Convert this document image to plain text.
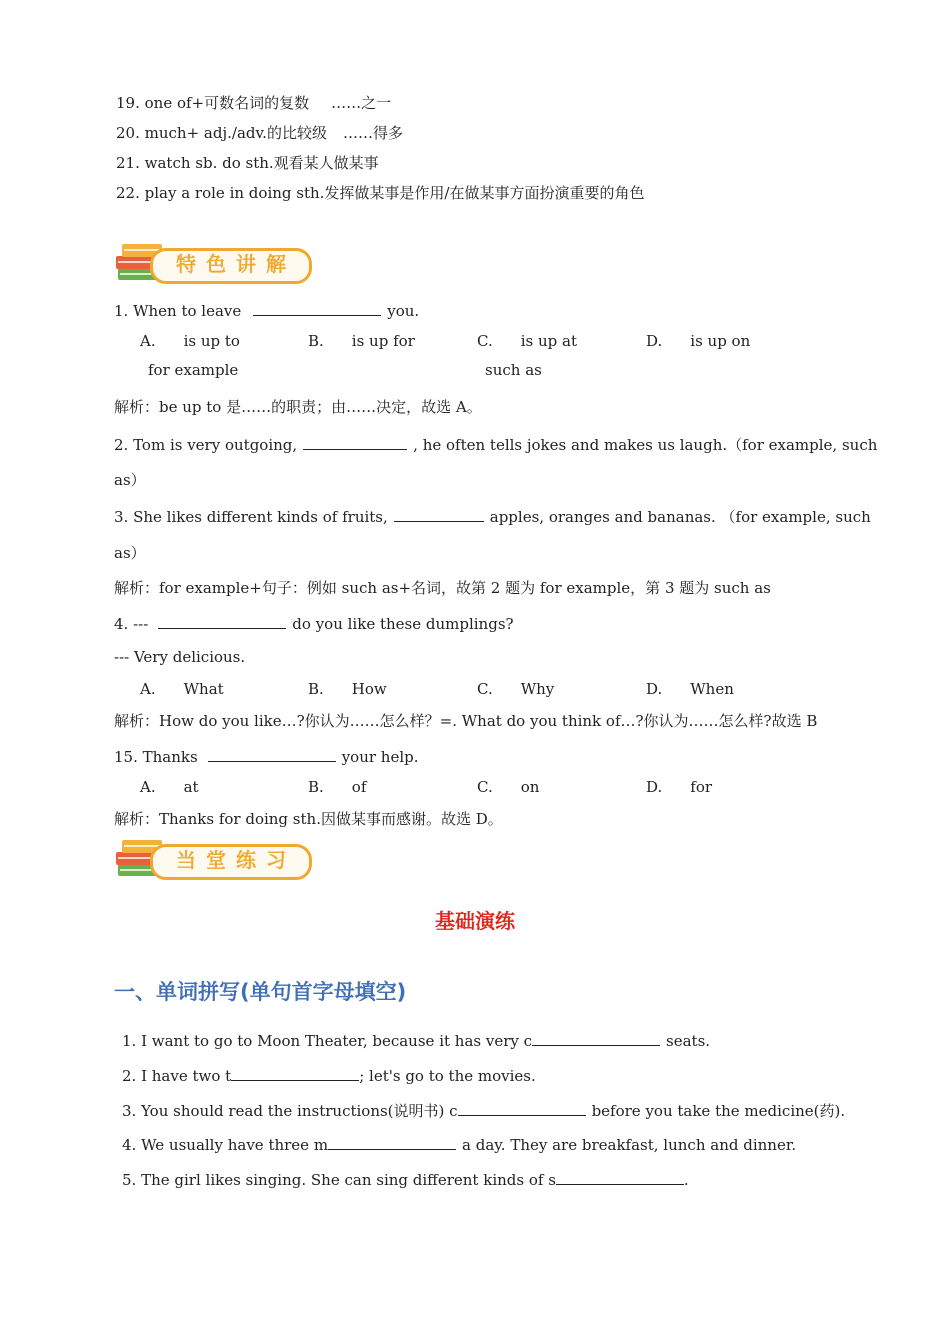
19. one of+可数名词的复数 ……之一
20. much+ adj./adv.的比较级 ……得多
21. watch sb. do sth.观看某人做某事
22. play a role in doing sth.发挥做某事是作用/在做某事方面扮演重要的角色
特色讲解
1. When to leave	you.
A. is up to	B. is up for	C. is up at	D. is up on
for example	such as
解析：be up to 是……的职责；由……决定，故选 A。
2. Tom is very outgoing,	, he often tells jokes and makes us laugh.（for example, such
as）
3. She likes different kinds of fruits,	apples, oranges and bananas. （for example, such
as）
解析：for example+句子：例如 such as+名词，故第 2 题为 for example，第 3 题为 such as
4. ---	do you like these dumplings?
--- Very delicious.
A. What	B. How	C. Why	D. When
解析：How do you like…?你认为……怎么样？=. What do you think of…?你认为……怎么样?故选 B
15. Thanks	your help.
A. at	B. of	C. on	D. for
解析：Thanks for doing sth.因做某事而感谢。故选 D。
当堂练习
基础演练
一、单词拼写(单句首字母填空)
1. I want to go to Moon Theater, because it has very c	seats.
2. I have two t	; let's go to the movies.
3. You should read the instructions(说明书) c	before you take the medicine(药).
4. We usually have three m	a day. They are breakfast, lunch and dinner.
5. The girl likes singing. She can sing different kinds of s	.
